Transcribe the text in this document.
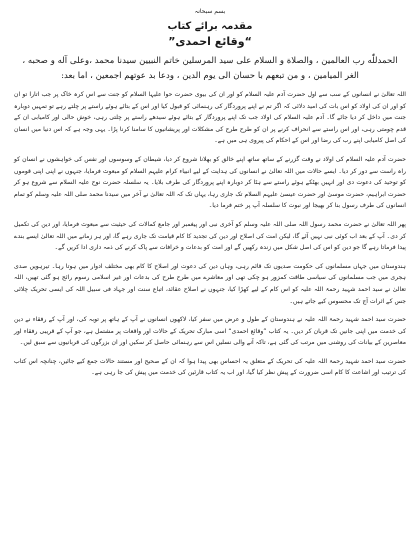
بسم سبحانہ
مقدمہ برائے کتاب
”وقائع احمدی“
الحمدللّٰه رب العالمين ، والصلاة و السلام على سيد المرسلين خاتم النبيين سيدنا محمد ،وعلى آله و صحبه ، الغر الميامين ، و من تبعهم با حسان الى يوم الدين ، ودعا بد عوتهم اجمعين ، اما بعد:

اللہ تعالیٰ نے انسانوں کے سب سے اول حضرت آدم علیہ السلام کو اور ان کی بیوی حضرت حوا علیہا السلام کو جنت سے اس کرہ خاک پر جب اتارا تو ان کو اور ان کی اولاد کو اس بات کی امید دلائی کہ اگر تم نے اپنے پروردگار کی رہنمائی کو قبول کیا اور اس کے بتائے ہوئے راستے پر چلتے رہے تو تمہیں دوبارہ جنت میں داخل کر دیا جائے گا۔ آدم علیہ السلام کی اولاد جب تک اپنے پروردگار کے بتائے ہوئے سیدھے راستے پر چلتی رہی، خوش حالی اور کامیابی ان کے قدم چومتی رہی، اور اس راستے سے انحراف کرنے پر ان کو طرح طرح کی مشکلات اور پریشانیوں کا سامنا کرنا پڑا۔ یہی وجہ ہے کہ اس دنیا میں انسان کی اصل کامیابی اپنے رب کی رضا اور اس کے احکام کی پیروی ہی میں ہے۔

حضرت آدم علیہ السلام کی اولاد نے وقت گزرنے کے ساتھ ساتھ اپنے خالق کو بھلانا شروع کر دیا، شیطان کے وسوسوں اور نفس کی خواہشوں نے انسان کو راہ راست سے دور کر دیا۔ ایسے حالات میں اللہ تعالیٰ نے انسانوں کی ہدایت کے لیے انبیاء کرام علیہم السلام کو مبعوث فرمایا، جنہوں نے اپنی اپنی قوموں کو توحید کی دعوت دی اور انہیں بھٹکے ہوئے راستے سے ہٹا کر دوبارہ اپنے پروردگار کی طرف بلایا۔ یہ سلسلہ حضرت نوح علیہ السلام سے شروع ہو کر حضرت ابراہیم، حضرت موسیٰ اور حضرت عیسیٰ علیہم السلام تک جاری رہا، یہاں تک کہ اللہ تعالیٰ نے آخر میں سیدنا محمد صلی اللہ علیہ وسلم کو تمام انسانوں کی طرف رسول بنا کر بھیجا اور نبوت کا سلسلہ آپ پر ختم فرما دیا۔

پھر اللہ تعالیٰ نے حضرت محمد رسول اللہ صلی اللہ علیہ وسلم کو آخری نبی اور پیغمبر اور جامع کمالات کی حیثیت سے مبعوث فرمایا، اور دین کی تکمیل کر دی۔ آپ کے بعد اب کوئی نبی نہیں آئے گا، لیکن امت کی اصلاح اور دین کی تجدید کا کام قیامت تک جاری رہے گا، اور ہر زمانے میں اللہ تعالیٰ ایسے بندے پیدا فرماتا رہے گا جو دین کو اس کی اصل شکل میں زندہ رکھیں گے اور امت کو بدعات و خرافات سے پاک کرنے کی ذمہ داری ادا کریں گے۔

ہندوستان میں جہاں مسلمانوں کی حکومت صدیوں تک قائم رہی، وہاں دین کی دعوت اور اصلاح کا کام بھی مختلف ادوار میں ہوتا رہا۔ تیرہویں صدی ہجری میں جب مسلمانوں کی سیاسی طاقت کمزور ہو چکی تھی اور معاشرے میں طرح طرح کی بدعات اور غیر اسلامی رسوم رائج ہو گئی تھیں، اللہ تعالیٰ نے سید احمد شہید رحمۃ اللہ علیہ کو اس کام کے لیے کھڑا کیا، جنہوں نے اصلاح عقائد، اتباع سنت اور جہاد فی سبیل اللہ کی ایسی تحریک چلائی جس کے اثرات آج تک محسوس کیے جاتے ہیں۔

حضرت سید احمد شہید رحمۃ اللہ علیہ نے ہندوستان کے طول و عرض میں سفر کیا، لاکھوں انسانوں نے آپ کے ہاتھ پر توبہ کی، اور آپ کے رفقاء نے دین کی خدمت میں اپنی جانیں تک قربان کر دیں۔ یہ کتاب ”وقائع احمدی“ اسی مبارک تحریک کے حالات اور واقعات پر مشتمل ہے، جو آپ کے قریبی رفقاء اور معاصرین کے بیانات کی روشنی میں مرتب کی گئی ہے، تاکہ آنے والی نسلیں اس سے رہنمائی حاصل کر سکیں اور ان بزرگوں کی قربانیوں سے سبق لیں۔

حضرت سید احمد شہید رحمۃ اللہ علیہ کی تحریک کے متعلق یہ احساس بھی پیدا ہوا کہ ان کے صحیح اور مستند حالات جمع کیے جائیں، چنانچہ اس کتاب کی ترتیب اور اشاعت کا کام اسی ضرورت کے پیش نظر کیا گیا، اور اب یہ کتاب قارئین کی خدمت میں پیش کی جا رہی ہے۔
